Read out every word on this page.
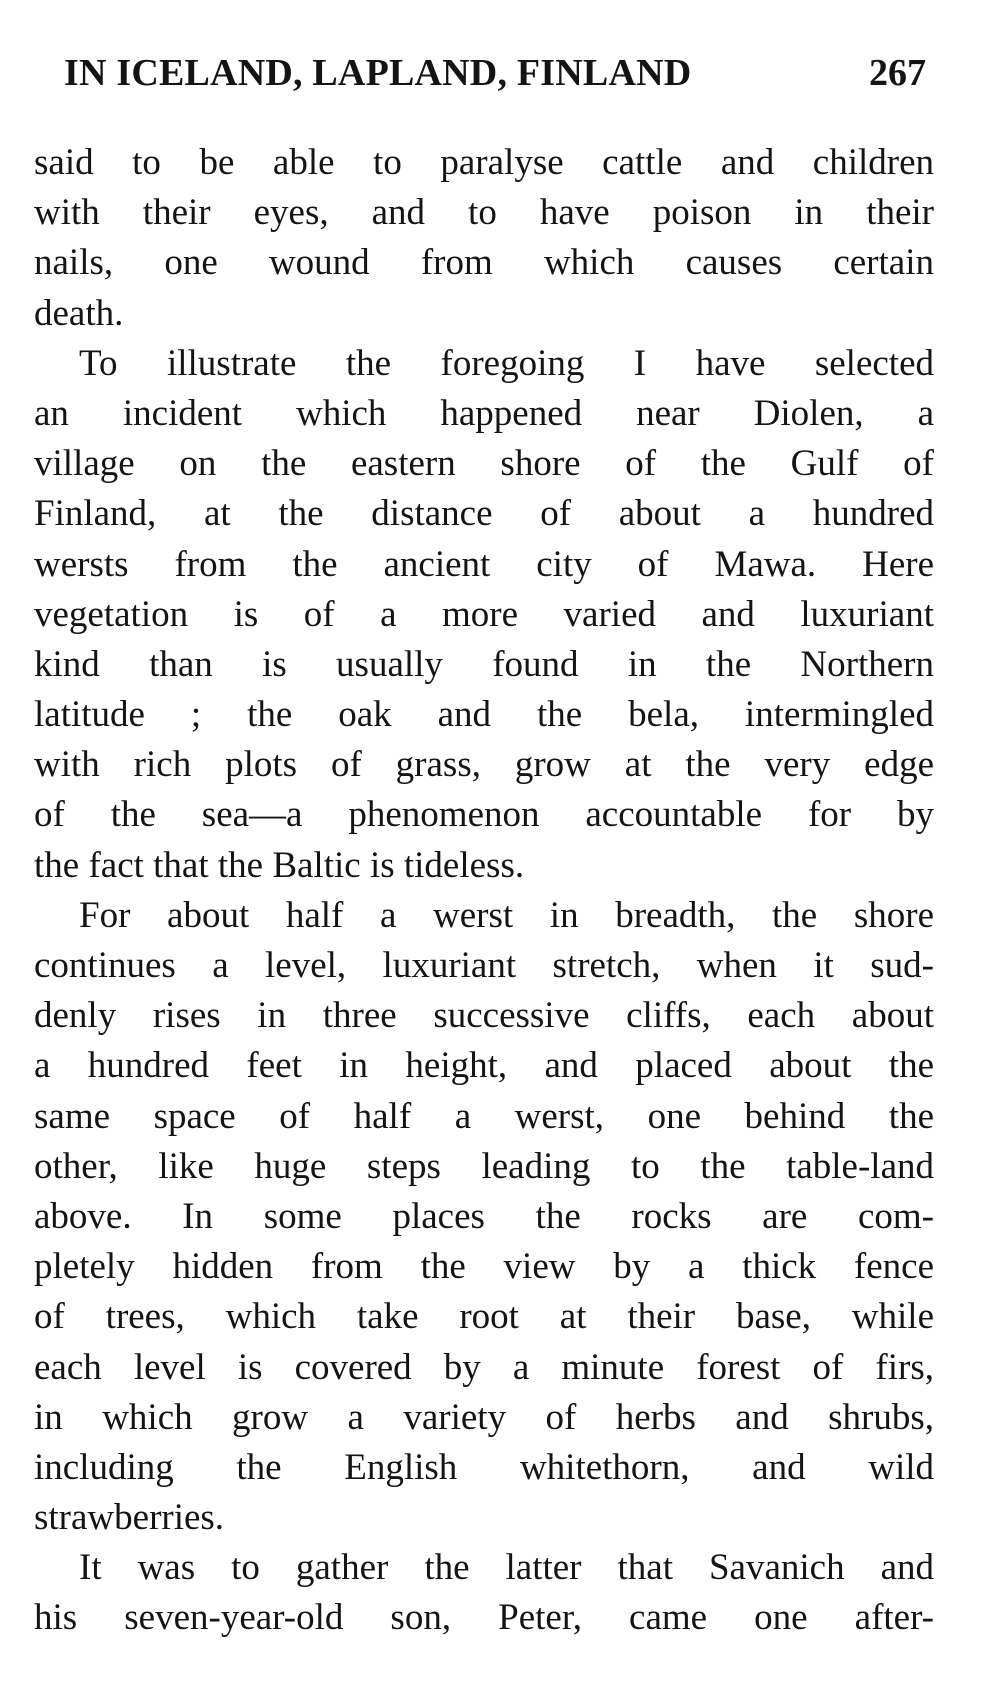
IN ICELAND, LAPLAND, FINLAND	267
said to be able to paralyse cattle and children
with their eyes, and to have poison in their
nails, one wound from which causes certain
death.
To illustrate the foregoing I have selected
an incident which happened near Diolen, a
village on the eastern shore of the Gulf of
Finland, at the distance of about a hundred
wersts from the ancient city of Mawa. Here
vegetation is of a more varied and luxuriant
kind than is usually found in the Northern
latitude ; the oak and the bela, intermingled
with rich plots of grass, grow at the very edge
of the sea—a phenomenon accountable for by
the fact that the Baltic is tideless.
For about half a werst in breadth, the shore
continues a level, luxuriant stretch, when it sud-
denly rises in three successive cliffs, each about
a hundred feet in height, and placed about the
same space of half a werst, one behind the
other, like huge steps leading to the table-land
above. In some places the rocks are com-
pletely hidden from the view by a thick fence
of trees, which take root at their base, while
each level is covered by a minute forest of firs,
in which grow a variety of herbs and shrubs,
including the English whitethorn, and wild
strawberries.
It was to gather the latter that Savanich and
his seven-year-old son, Peter, came one after-
